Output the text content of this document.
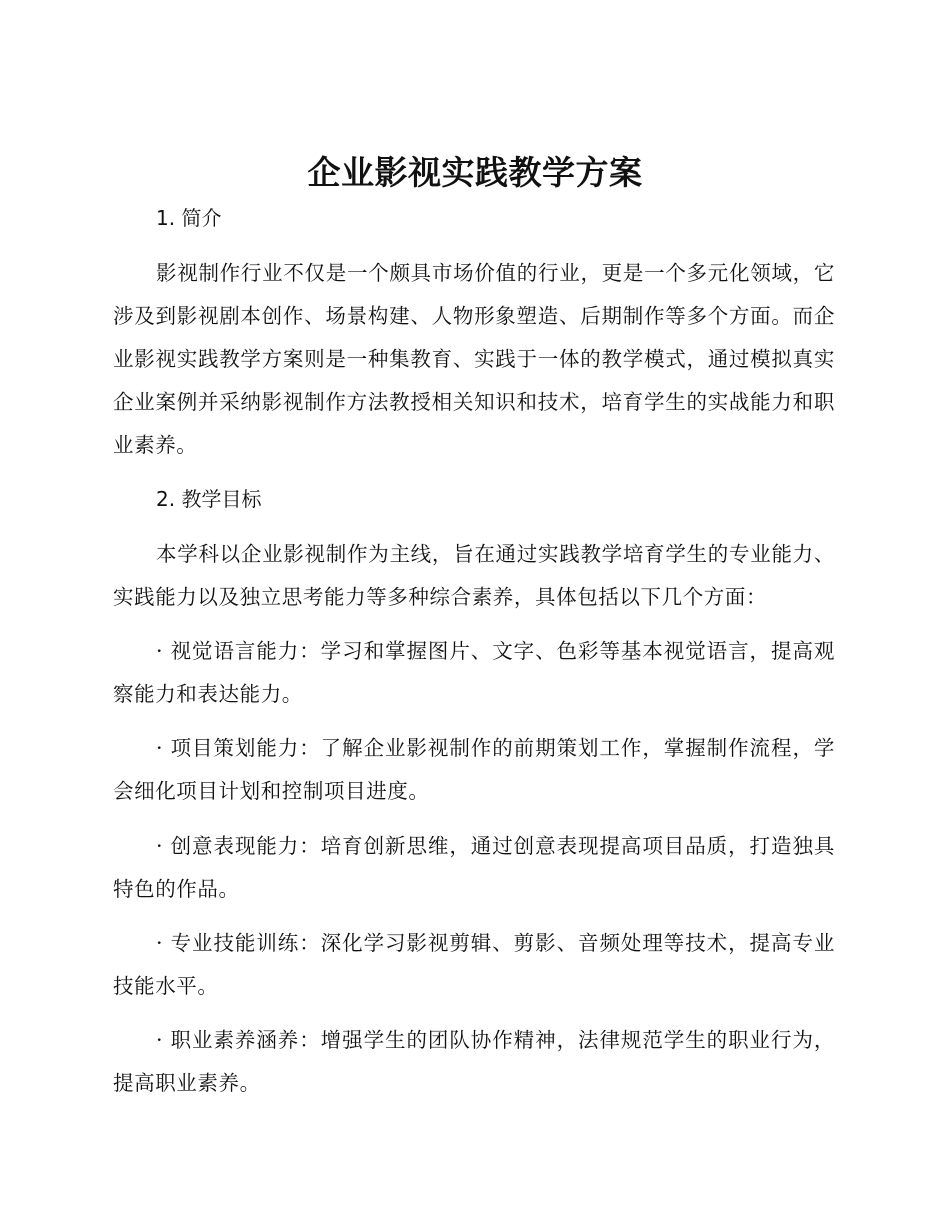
企业影视实践教学方案
1. 简介

影视制作行业不仅是一个颇具市场价值的行业，更是一个多元化领域，它涉及到影视剧本创作、场景构建、人物形象塑造、后期制作等多个方面。而企业影视实践教学方案则是一种集教育、实践于一体的教学模式，通过模拟真实企业案例并采纳影视制作方法教授相关知识和技术，培育学生的实战能力和职业素养。

2. 教学目标

本学科以企业影视制作为主线，旨在通过实践教学培育学生的专业能力、实践能力以及独立思考能力等多种综合素养，具体包括以下几个方面：

· 视觉语言能力：学习和掌握图片、文字、色彩等基本视觉语言，提高观察能力和表达能力。

· 项目策划能力：了解企业影视制作的前期策划工作，掌握制作流程，学会细化项目计划和控制项目进度。

· 创意表现能力：培育创新思维，通过创意表现提高项目品质，打造独具特色的作品。

· 专业技能训练：深化学习影视剪辑、剪影、音频处理等技术，提高专业技能水平。

· 职业素养涵养：增强学生的团队协作精神，法律规范学生的职业行为，提高职业素养。
